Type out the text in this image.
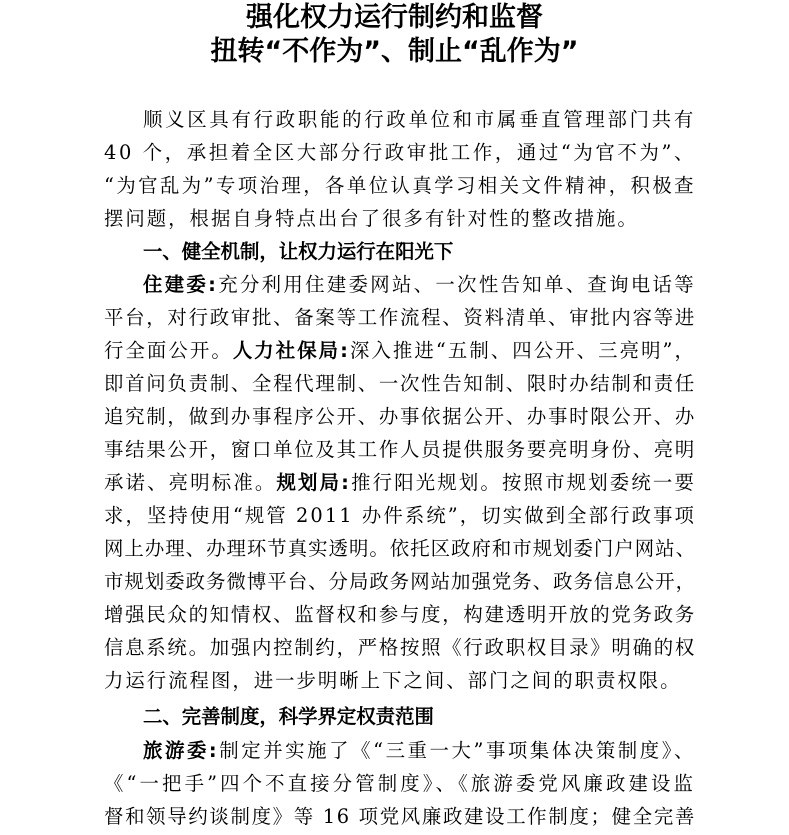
强化权力运行制约和监督
扭转“不作为”、制止“乱作为”
顺义区具有行政职能的行政单位和市属垂直管理部门共有
40 个，承担着全区大部分行政审批工作，通过“为官不为”、
“为官乱为”专项治理，各单位认真学习相关文件精神，积极查
摆问题，根据自身特点出台了很多有针对性的整改措施。
一、健全机制，让权力运行在阳光下
住建委: 充分利用住建委网站、一次性告知单、查询电话等
平台，对行政审批、备案等工作流程、资料清单、审批内容等进
行全面公开。 人力社保局: 深入推进“五制、四公开、三亮明”，
即首问负责制、全程代理制、一次性告知制、限时办结制和责任
追究制，做到办事程序公开、办事依据公开、办事时限公开、办
事结果公开，窗口单位及其工作人员提供服务要亮明身份、亮明
承诺、亮明标准。 规划局: 推行阳光规划。按照市规划委统一要
求，坚持使用“规管 2011 办件系统”，切实做到全部行政事项
网上办理、办理环节真实透明。依托区政府和市规划委门户网站、
市规划委政务微博平台、分局政务网站加强党务、政务信息公开，
增强民众的知情权、监督权和参与度，构建透明开放的党务政务
信息系统。加强内控制约，严格按照《行政职权目录》明确的权
力运行流程图，进一步明晰上下之间、部门之间的职责权限。
二、完善制度，科学界定权责范围
旅游委: 制定并实施了《“三重一大”事项集体决策制度》、
《“一把手”四个不直接分管制度》、《旅游委党风廉政建设监
督和领导约谈制度》等 16 项党风廉政建设工作制度；健全完善
